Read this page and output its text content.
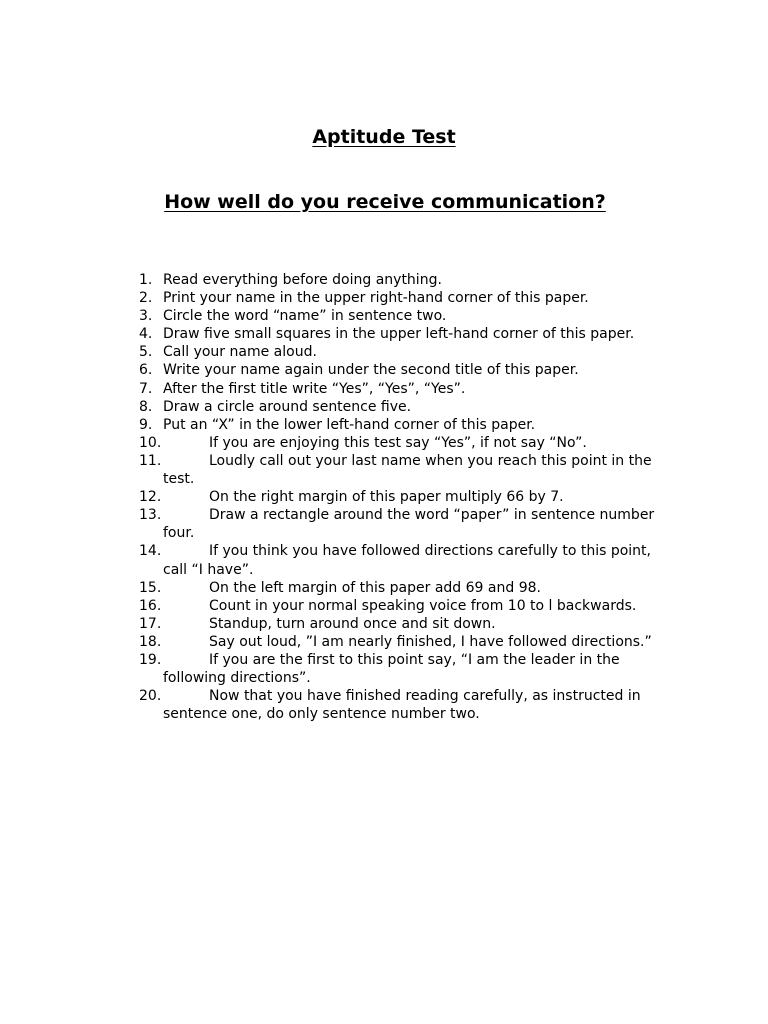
Aptitude Test
How well do you receive communication?
1. Read everything before doing anything.
2. Print your name in the upper right-hand corner of this paper.
3. Circle the word “name” in sentence two.
4. Draw five small squares in the upper left-hand corner of this paper.
5. Call your name aloud.
6. Write your name again under the second title of this paper.
7. After the first title write “Yes”, “Yes”, “Yes”.
8. Draw a circle around sentence five.
9. Put an “X” in the lower left-hand corner of this paper.
10.	If you are enjoying this test say “Yes”, if not say “No”.
11.	Loudly call out your last name when you reach this point in the test.
12.	On the right margin of this paper multiply 66 by 7.
13.	Draw a rectangle around the word “paper” in sentence number four.
14.	If you think you have followed directions carefully to this point, call “I have”.
15.	On the left margin of this paper add 69 and 98.
16.	Count in your normal speaking voice from 10 to l backwards.
17.	Standup, turn around once and sit down.
18.	Say out loud, ”I am nearly finished, I have followed directions.”
19.	If you are the first to this point say, “I am the leader in the following directions”.
20.	Now that you have finished reading carefully, as instructed in sentence one, do only sentence number two.
